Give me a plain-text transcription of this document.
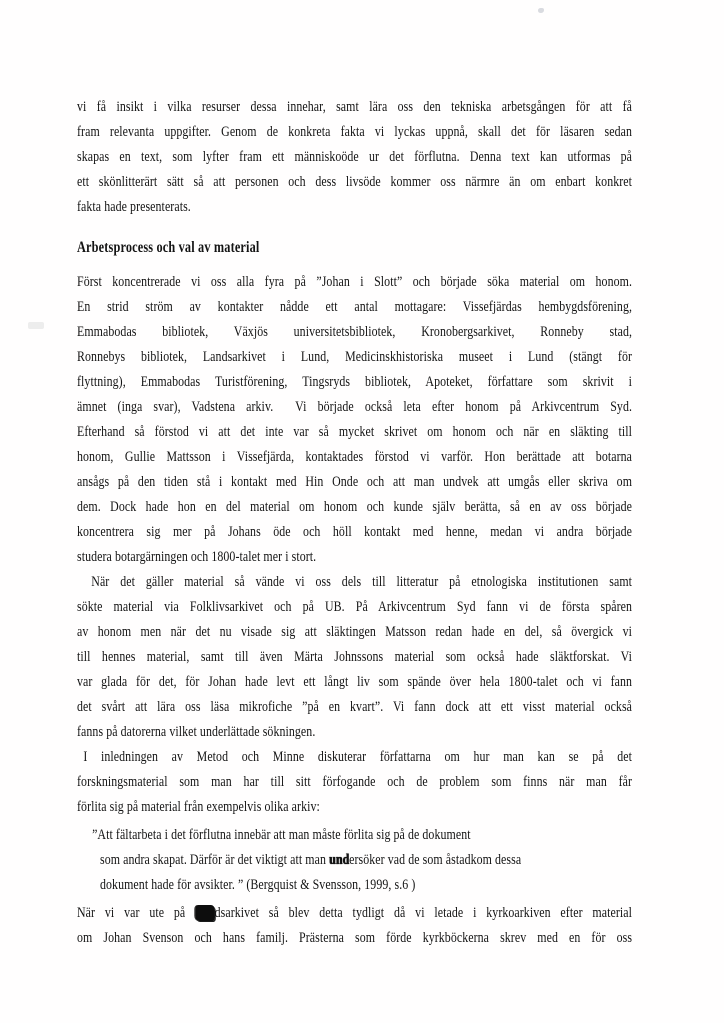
vi få insikt i vilka resurser dessa innehar, samt lära oss den tekniska arbetsgången för att få
fram relevanta uppgifter. Genom de konkreta fakta vi lyckas uppnå, skall det för läsaren sedan
skapas en text, som lyfter fram ett människoöde ur det förflutna. Denna text kan utformas på
ett skönlitterärt sätt så att personen och dess livsöde kommer oss närmre än om enbart konkret
fakta hade presenterats.
Arbetsprocess och val av material
Först koncentrerade vi oss alla fyra på ”Johan i Slott” och började söka material om honom.
En strid ström av kontakter nådde ett antal mottagare: Vissefjärdas hembygdsförening,
Emmabodas bibliotek, Växjös universitetsbibliotek, Kronobergsarkivet, Ronneby stad,
Ronnebys bibliotek, Landsarkivet i Lund, Medicinskhistoriska museet i Lund (stängt för
flyttning), Emmabodas Turistförening, Tingsryds bibliotek, Apoteket, författare som skrivit i
ämnet (inga svar), Vadstena arkiv.  Vi började också leta efter honom på Arkivcentrum Syd.
Efterhand så förstod vi att det inte var så mycket skrivet om honom och när en släkting till
honom, Gullie Mattsson i Vissefjärda, kontaktades förstod vi varför. Hon berättade att botarna
ansågs på den tiden stå i kontakt med Hin Onde och att man undvek att umgås eller skriva om
dem. Dock hade hon en del material om honom och kunde själv berätta, så en av oss började
koncentrera sig mer på Johans öde och höll kontakt med henne, medan vi andra började
studera botargärningen och 1800-talet mer i stort.
När det gäller material så vände vi oss dels till litteratur på etnologiska institutionen samt
sökte material via Folklivsarkivet och på UB. På Arkivcentrum Syd fann vi de första spåren
av honom men när det nu visade sig att släktingen Matsson redan hade en del, så övergick vi
till hennes material, samt till även Märta Johnssons material som också hade släktforskat. Vi
var glada för det, för Johan hade levt ett långt liv som spände över hela 1800-talet och vi fann
det svårt att lära oss läsa mikrofiche ”på en kvart”. Vi fann dock att ett visst material också
fanns på datorerna vilket underlättade sökningen.
I inledningen av Metod och Minne diskuterar författarna om hur man kan se på det
forskningsmaterial som man har till sitt förfogande och de problem som finns när man får
förlita sig på material från exempelvis olika arkiv:
”Att fältarbeta i det förflutna innebär att man måste förlita sig på de dokument
som andra skapat. Därför är det viktigt att man undersöker vad de som åstadkom dessa
dokument hade för avsikter. ” (Bergquist & Svensson, 1999, s.6 )
När vi var ute på dsarkivet så blev detta tydligt då vi letade i kyrkoarkiven efter material
om Johan Svenson och hans familj. Prästerna som förde kyrkböckerna skrev med en för oss
